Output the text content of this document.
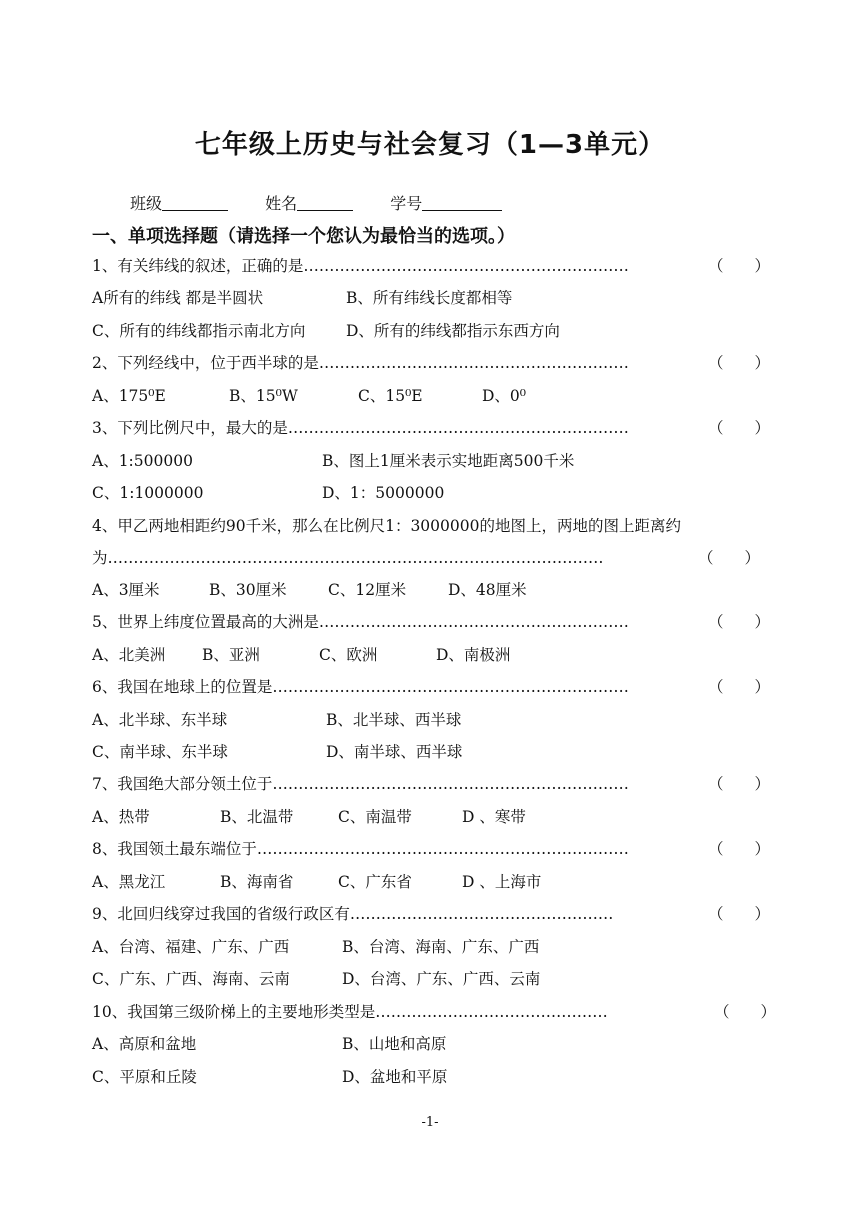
七年级上历史与社会复习（1—3单元）
班级	姓名	学号
一、单项选择题（请选择一个您认为最恰当的选项。）
1、有关纬线的叙述，正确的是………………………………………………………	（　　）
A所有的纬线 都是半圆状	B、所有纬线长度都相等
C、所有的纬线都指示南北方向	D、所有的纬线都指示东西方向
2、下列经线中，位于西半球的是……………………………………………………	（　　）
A、175⁰E	B、15⁰W	C、15⁰E	D、0⁰
3、下列比例尺中，最大的是…………………………………………………………	（　　）
A、1:500000	B、图上1厘米表示实地距离500千米
C、1:1000000	D、1：5000000
4、甲乙两地相距约90千米，那么在比例尺1：3000000的地图上，两地的图上距离约
为……………………………………………………………………………………	（　　）
A、3厘米	B、30厘米	C、12厘米	D、48厘米
5、世界上纬度位置最高的大洲是……………………………………………………	（　　）
A、北美洲 B、亚洲	C、欧洲	D、南极洲
6、我国在地球上的位置是……………………………………………………………	（　　）
A、北半球、东半球	B、北半球、西半球
C、南半球、东半球	D、南半球、西半球
7、我国绝大部分领土位于……………………………………………………………	（　　）
A、热带	B、北温带	C、南温带	D 、寒带
8、我国领土最东端位于………………………………………………………………	（　　）
A、黑龙江	B、海南省	C、广东省	D 、上海市
9、北回归线穿过我国的省级行政区有……………………………………………	（　　）
A、台湾、福建、广东、广西	B、台湾、海南、广东、广西
C、广东、广西、海南、云南	D、台湾、广东、广西、云南
10、我国第三级阶梯上的主要地形类型是………………………………………	（　　）
A、高原和盆地	B、山地和高原
C、平原和丘陵	D、盆地和平原
-1-
